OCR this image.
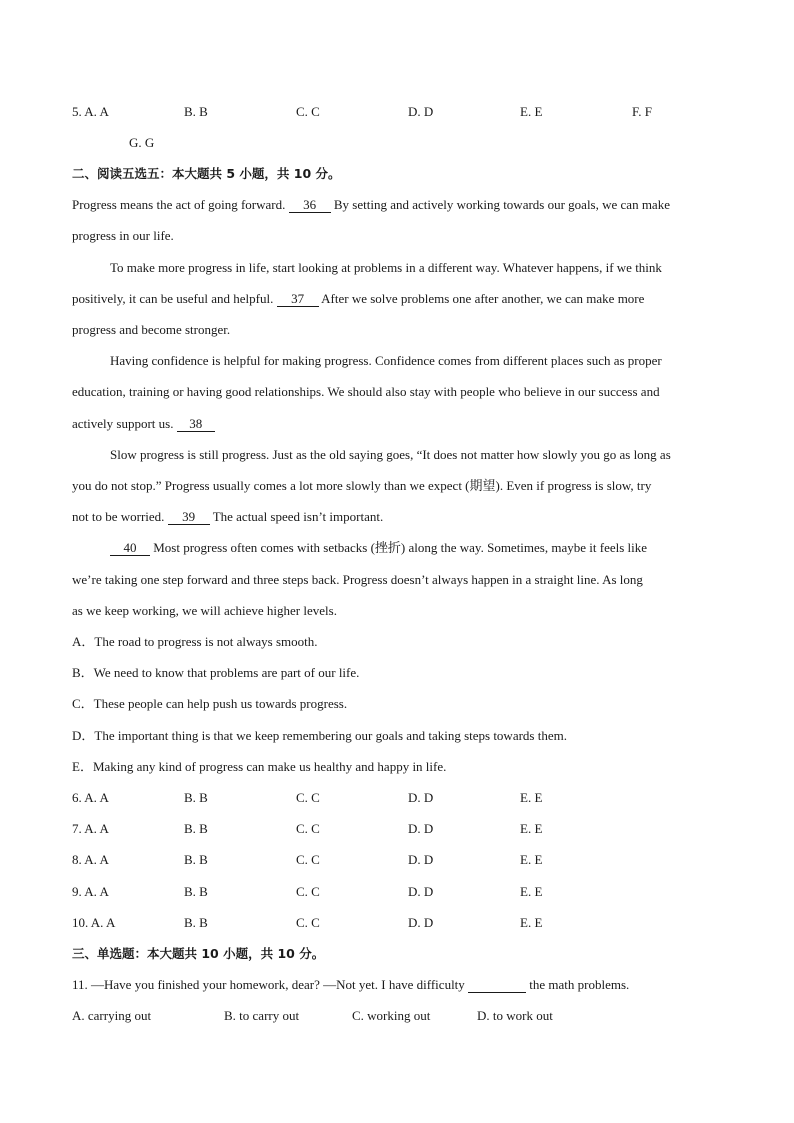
5. A. A	B. B	C. C	D. D	E. E	F. F
G. G
二、阅读五选五：本大题共 5 小题，共 10 分。
Progress means the act of going forward. 36 By setting and actively working towards our goals, we can make
progress in our life.
To make more progress in life, start looking at problems in a different way. Whatever happens, if we think
positively, it can be useful and helpful. 37 After we solve problems one after another, we can make more
progress and become stronger.
Having confidence is helpful for making progress. Confidence comes from different places such as proper
education, training or having good relationships. We should also stay with people who believe in our success and
actively support us. 38
Slow progress is still progress. Just as the old saying goes, “It does not matter how slowly you go as long as
you do not stop.” Progress usually comes a lot more slowly than we expect (期望). Even if progress is slow, try
not to be worried. 39 The actual speed isn’t important.
40 Most progress often comes with setbacks (挫折) along the way. Sometimes, maybe it feels like
we’re taking one step forward and three steps back. Progress doesn’t always happen in a straight line. As long
as we keep working, we will achieve higher levels.
A．The road to progress is not always smooth.
B．We need to know that problems are part of our life.
C．These people can help push us towards progress.
D．The important thing is that we keep remembering our goals and taking steps towards them.
E．Making any kind of progress can make us healthy and happy in life.
6. A. A	B. B	C. C	D. D	E. E
7. A. A	B. B	C. C	D. D	E. E
8. A. A	B. B	C. C	D. D	E. E
9. A. A	B. B	C. C	D. D	E. E
10. A. A	B. B	C. C	D. D	E. E
三、单选题：本大题共 10 小题，共 10 分。
11. —Have you finished your homework, dear? —Not yet. I have difficulty	the math problems.
A. carrying out	B. to carry out	C. working out	D. to work out
